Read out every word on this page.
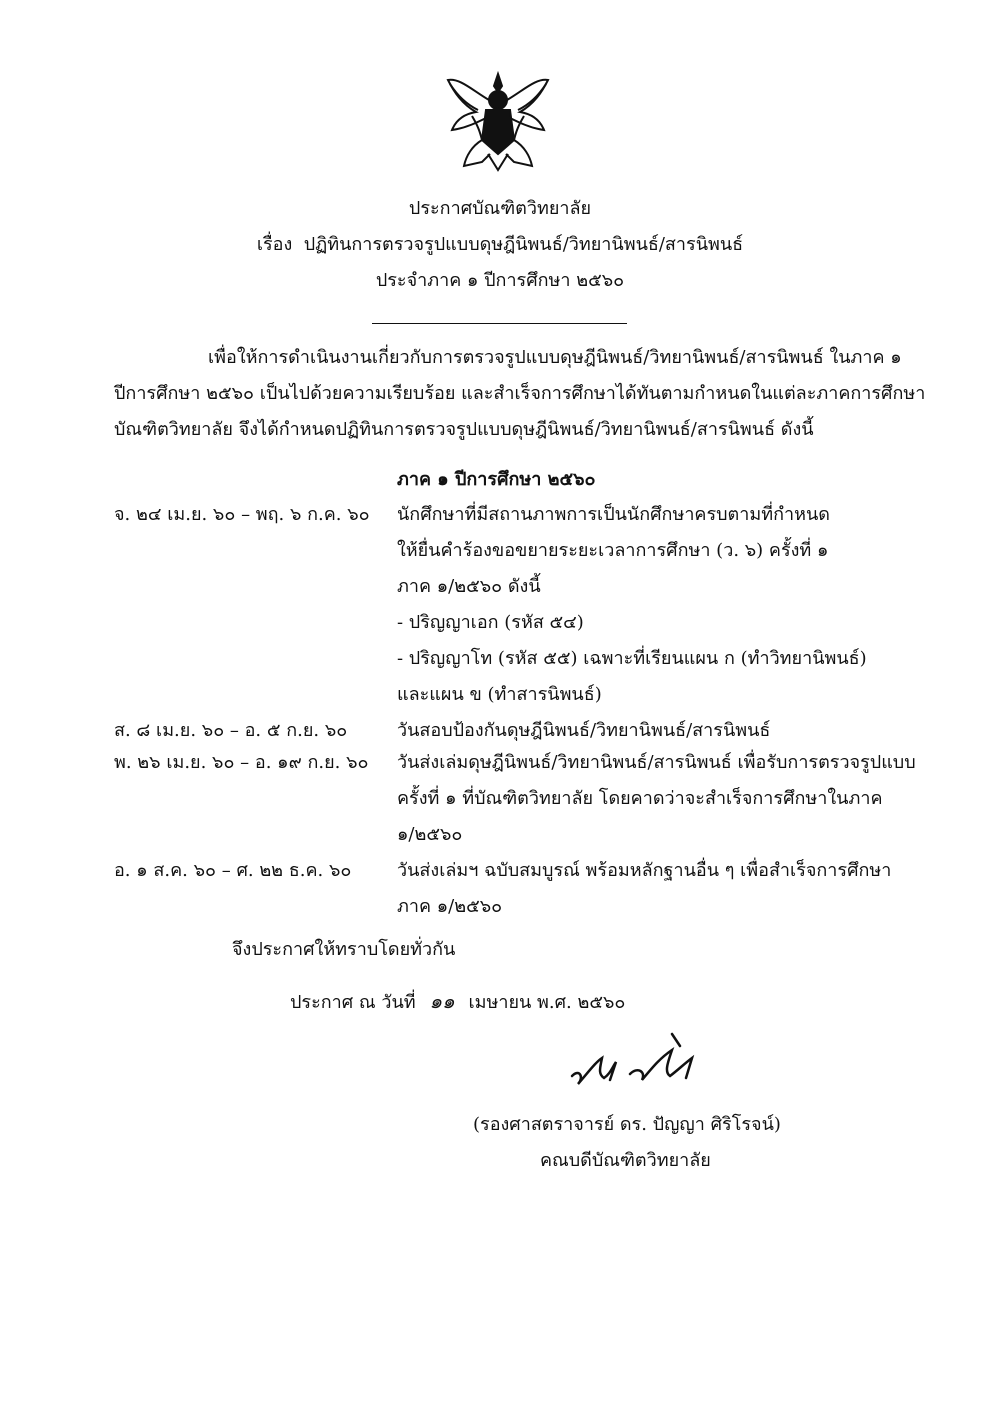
ประกาศบัณฑิตวิทยาลัย
เรื่อง ปฏิทินการตรวจรูปแบบดุษฎีนิพนธ์/วิทยานิพนธ์/สารนิพนธ์
ประจำภาค ๑ ปีการศึกษา ๒๕๖๐
เพื่อให้การดำเนินงานเกี่ยวกับการตรวจรูปแบบดุษฎีนิพนธ์/วิทยานิพนธ์/สารนิพนธ์ ในภาค ๑
ปีการศึกษา ๒๕๖๐ เป็นไปด้วยความเรียบร้อย และสำเร็จการศึกษาได้ทันตามกำหนดในแต่ละภาคการศึกษา
บัณฑิตวิทยาลัย จึงได้กำหนดปฏิทินการตรวจรูปแบบดุษฎีนิพนธ์/วิทยานิพนธ์/สารนิพนธ์ ดังนี้
ภาค ๑ ปีการศึกษา ๒๕๖๐
จ. ๒๔ เม.ย. ๖๐ – พฤ. ๖ ก.ค. ๖๐ นักศึกษาที่มีสถานภาพการเป็นนักศึกษาครบตามที่กำหนด
ให้ยื่นคำร้องขอขยายระยะเวลาการศึกษา (ว. ๖) ครั้งที่ ๑
ภาค ๑/๒๕๖๐ ดังนี้
- ปริญญาเอก (รหัส ๕๔)
- ปริญญาโท (รหัส ๕๕) เฉพาะที่เรียนแผน ก (ทำวิทยานิพนธ์)
และแผน ข (ทำสารนิพนธ์)
ส. ๘ เม.ย. ๖๐ – อ. ๕ ก.ย. ๖๐	วันสอบป้องกันดุษฎีนิพนธ์/วิทยานิพนธ์/สารนิพนธ์
พ. ๒๖ เม.ย. ๖๐ – อ. ๑๙ ก.ย. ๖๐ วันส่งเล่มดุษฎีนิพนธ์/วิทยานิพนธ์/สารนิพนธ์ เพื่อรับการตรวจรูปแบบ
ครั้งที่ ๑ ที่บัณฑิตวิทยาลัย โดยคาดว่าจะสำเร็จการศึกษาในภาค
๑/๒๕๖๐
อ. ๑ ส.ค. ๖๐ – ศ. ๒๒ ธ.ค. ๖๐	วันส่งเล่มฯ ฉบับสมบูรณ์ พร้อมหลักฐานอื่น ๆ เพื่อสำเร็จการศึกษา
ภาค ๑/๒๕๖๐
จึงประกาศให้ทราบโดยทั่วกัน
ประกาศ ณ วันที่ ๑๑ เมษายน พ.ศ. ๒๕๖๐
(รองศาสตราจารย์ ดร. ปัญญา ศิริโรจน์)
คณบดีบัณฑิตวิทยาลัย
